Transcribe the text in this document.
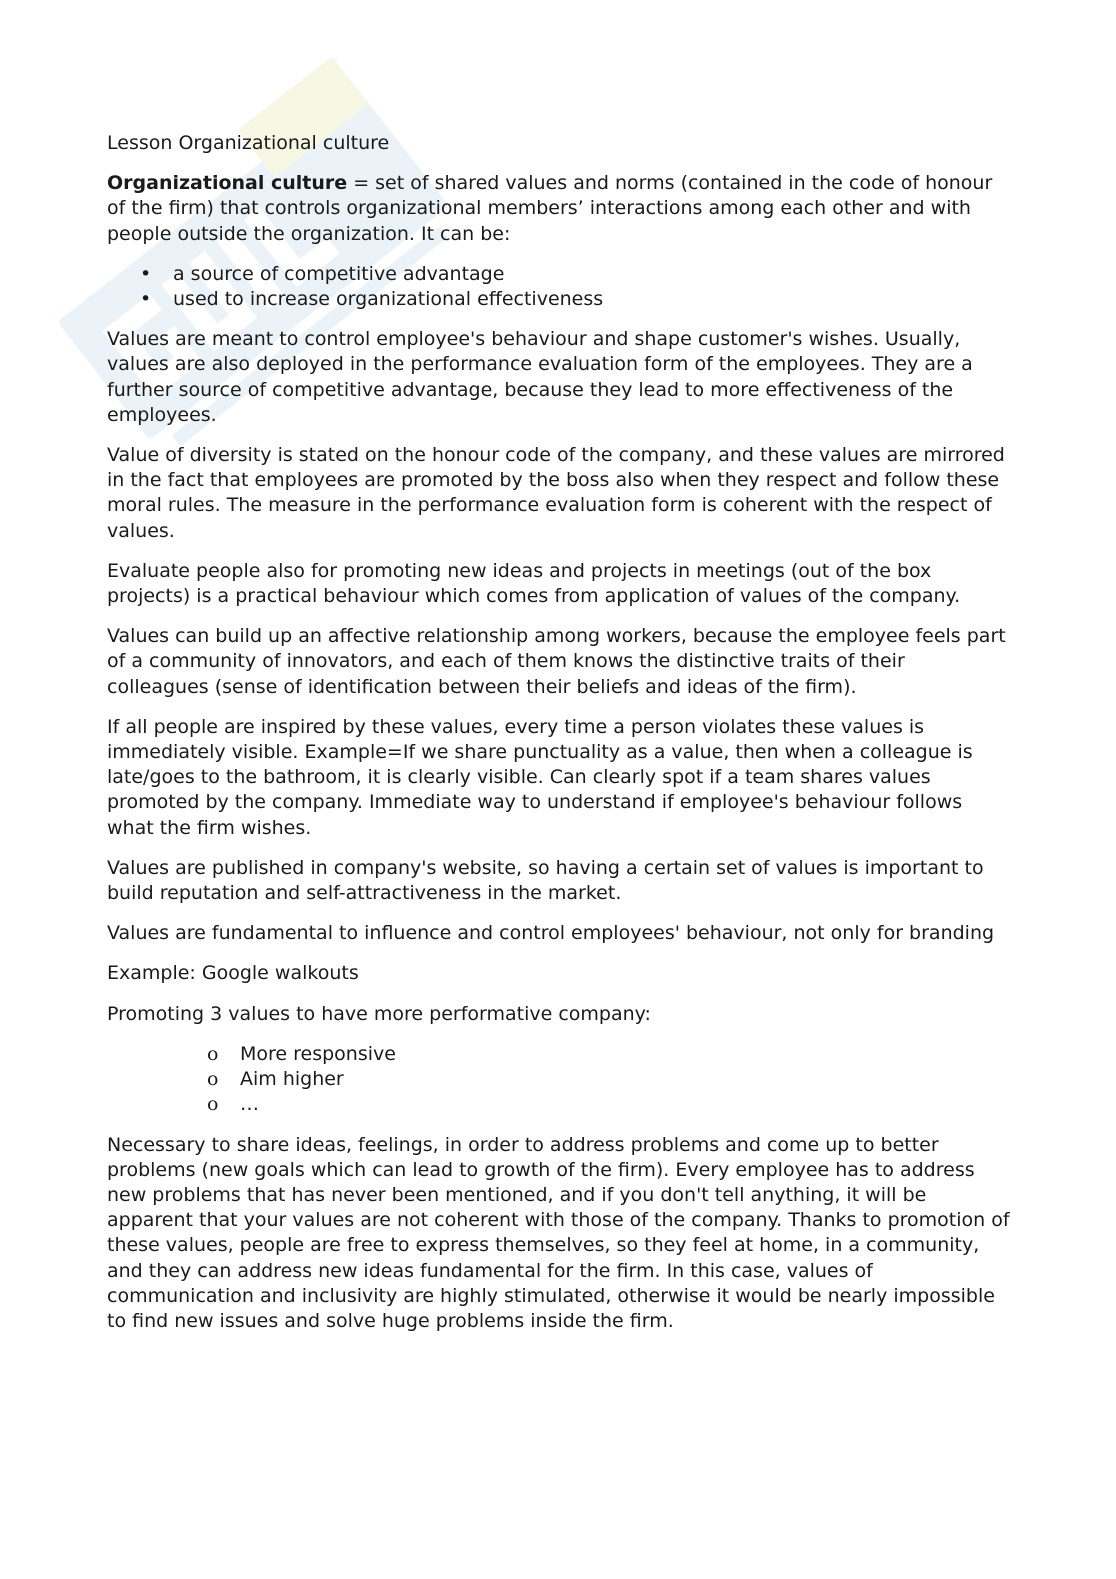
Lesson Organizational culture

Organizational culture = set of shared values and norms (contained in the code of honour of the firm) that controls organizational members’ interactions among each other and with people outside the organization. It can be:

• a source of competitive advantage
• used to increase organizational effectiveness

Values are meant to control employee's behaviour and shape customer's wishes. Usually, values are also deployed in the performance evaluation form of the employees. They are a further source of competitive advantage, because they lead to more effectiveness of the employees.

Value of diversity is stated on the honour code of the company, and these values are mirrored in the fact that employees are promoted by the boss also when they respect and follow these moral rules. The measure in the performance evaluation form is coherent with the respect of values.

Evaluate people also for promoting new ideas and projects in meetings (out of the box projects) is a practical behaviour which comes from application of values of the company.

Values can build up an affective relationship among workers, because the employee feels part of a community of innovators, and each of them knows the distinctive traits of their colleagues (sense of identification between their beliefs and ideas of the firm).

If all people are inspired by these values, every time a person violates these values is immediately visible. Example=If we share punctuality as a value, then when a colleague is late/goes to the bathroom, it is clearly visible. Can clearly spot if a team shares values promoted by the company. Immediate way to understand if employee's behaviour follows what the firm wishes.

Values are published in company's website, so having a certain set of values is important to build reputation and self-attractiveness in the market.

Values are fundamental to influence and control employees' behaviour, not only for branding

Example: Google walkouts

Promoting 3 values to have more performative company:

o More responsive
o Aim higher
o …

Necessary to share ideas, feelings, in order to address problems and come up to better problems (new goals which can lead to growth of the firm). Every employee has to address new problems that has never been mentioned, and if you don't tell anything, it will be apparent that your values are not coherent with those of the company. Thanks to promotion of these values, people are free to express themselves, so they feel at home, in a community, and they can address new ideas fundamental for the firm. In this case, values of communication and inclusivity are highly stimulated, otherwise it would be nearly impossible to find new issues and solve huge problems inside the firm.
